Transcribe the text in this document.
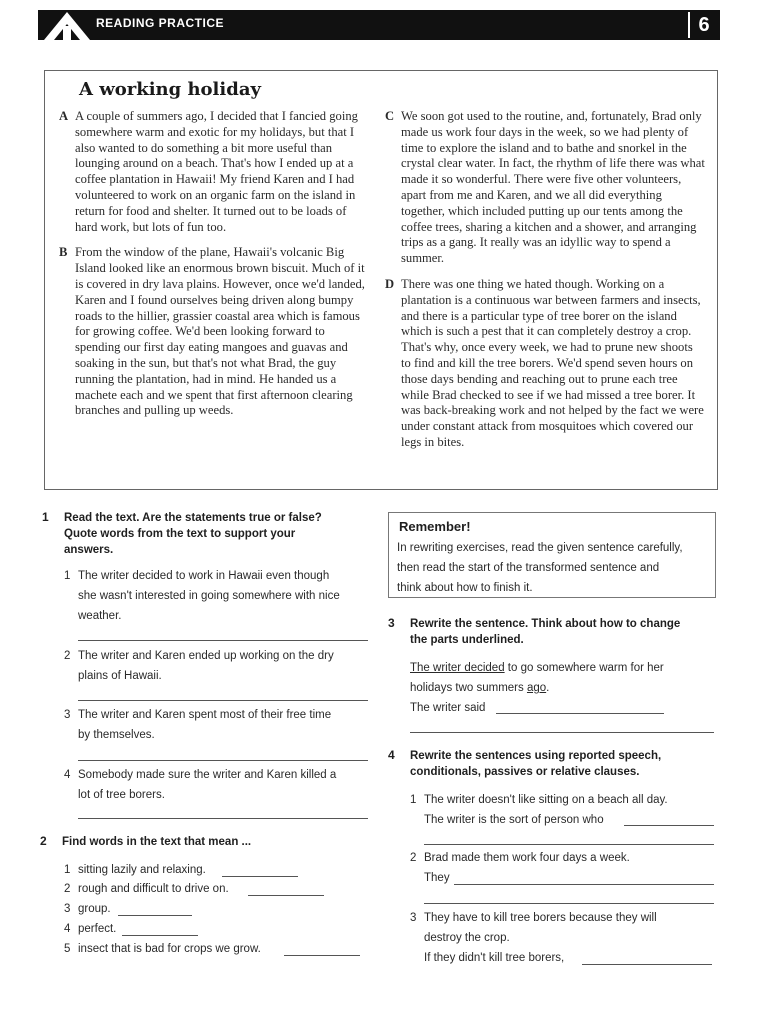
READING PRACTICE	6
A working holiday
A A couple of summers ago, I decided that I fancied going somewhere warm and exotic for my holidays, but that I also wanted to do something a bit more useful than lounging around on a beach. That's how I ended up at a coffee plantation in Hawaii! My friend Karen and I had volunteered to work on an organic farm on the island in return for food and shelter. It turned out to be loads of hard work, but lots of fun too.
B From the window of the plane, Hawaii's volcanic Big Island looked like an enormous brown biscuit. Much of it is covered in dry lava plains. However, once we'd landed, Karen and I found ourselves being driven along bumpy roads to the hillier, grassier coastal area which is famous for growing coffee. We'd been looking forward to spending our first day eating mangoes and guavas and soaking in the sun, but that's not what Brad, the guy running the plantation, had in mind. He handed us a machete each and we spent that first afternoon clearing branches and pulling up weeds.
C We soon got used to the routine, and, fortunately, Brad only made us work four days in the week, so we had plenty of time to explore the island and to bathe and snorkel in the crystal clear water. In fact, the rhythm of life there was what made it so wonderful. There were five other volunteers, apart from me and Karen, and we all did everything together, which included putting up our tents among the coffee trees, sharing a kitchen and a shower, and arranging trips as a gang. It really was an idyllic way to spend a summer.
D There was one thing we hated though. Working on a plantation is a continuous war between farmers and insects, and there is a particular type of tree borer on the island which is such a pest that it can completely destroy a crop. That's why, once every week, we had to prune new shoots to find and kill the tree borers. We'd spend seven hours on those days bending and reaching out to prune each tree while Brad checked to see if we had missed a tree borer. It was back-breaking work and not helped by the fact we were under constant attack from mosquitoes which covered our legs in bites.
1 Read the text. Are the statements true or false?
Quote words from the text to support your
answers.
1 The writer decided to work in Hawaii even though
she wasn't interested in going somewhere with nice
weather.
2 The writer and Karen ended up working on the dry
plains of Hawaii.
3 The writer and Karen spent most of their free time
by themselves.
4 Somebody made sure the writer and Karen killed a
lot of tree borers.
2 Find words in the text that mean ...
1 sitting lazily and relaxing.
2 rough and difficult to drive on.
3 group.
4 perfect.
5 insect that is bad for crops we grow.
Remember!
In rewriting exercises, read the given sentence carefully,
then read the start of the transformed sentence and
think about how to finish it.
3 Rewrite the sentence. Think about how to change
the parts underlined.
The writer decided to go somewhere warm for her
holidays two summers ago.
The writer said
4 Rewrite the sentences using reported speech,
conditionals, passives or relative clauses.
1 The writer doesn't like sitting on a beach all day.
The writer is the sort of person who
2 Brad made them work four days a week.
They
3 They have to kill tree borers because they will
destroy the crop.
If they didn't kill tree borers,
